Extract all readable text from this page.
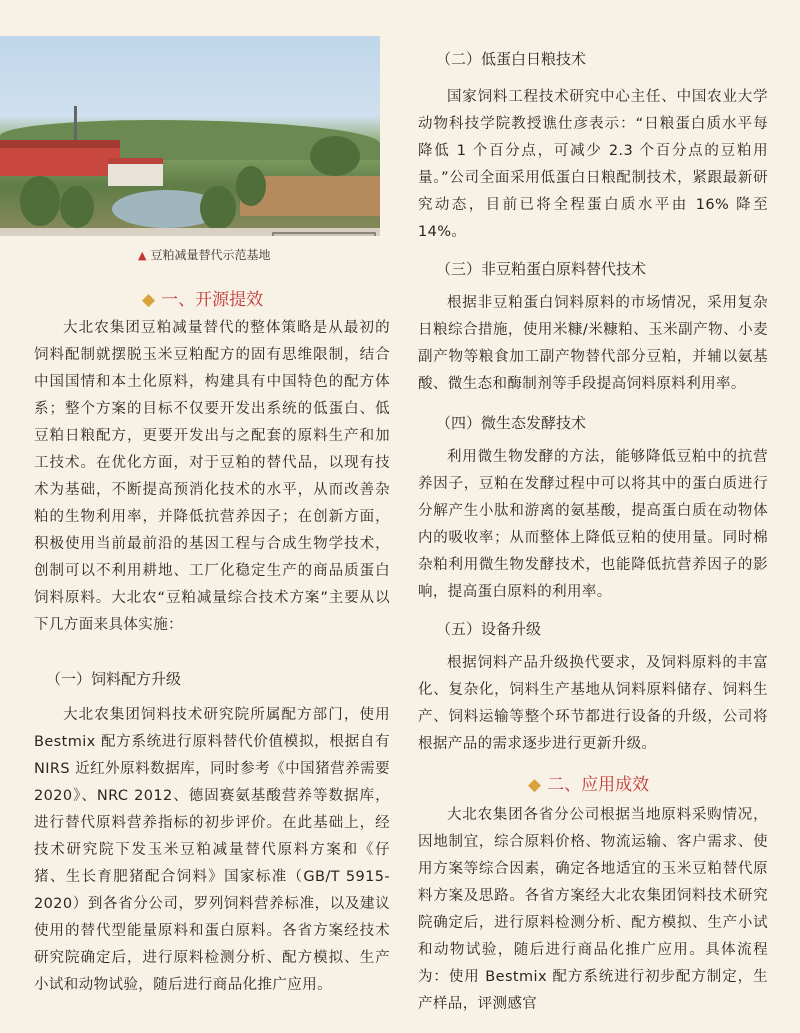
▲ 豆粕减量替代示范基地
◆ 一、开源提效

大北农集团豆粕减量替代的整体策略是从最初的饲料配制就摆脱玉米豆粕配方的固有思维限制，结合中国国情和本土化原料，构建具有中国特色的配方体系；整个方案的目标不仅要开发出系统的低蛋白、低豆粕日粮配方，更要开发出与之配套的原料生产和加工技术。在优化方面，对于豆粕的替代品，以现有技术为基础，不断提高预消化技术的水平，从而改善杂粕的生物利用率，并降低抗营养因子；在创新方面，积极使用当前最前沿的基因工程与合成生物学技术，创制可以不利用耕地、工厂化稳定生产的商品质蛋白饲料原料。大北农“豆粕减量综合技术方案”主要从以下几方面来具体实施：

（一）饲料配方升级

大北农集团饲料技术研究院所属配方部门，使用 Bestmix 配方系统进行原料替代价值模拟，根据自有 NIRS 近红外原料数据库，同时参考《中国猪营养需要 2020》、NRC 2012、德固赛氨基酸营养等数据库，进行替代原料营养指标的初步评价。在此基础上，经技术研究院下发玉米豆粕减量替代原料方案和《仔猪、生长育肥猪配合饲料》国家标准（GB/T 5915-2020）到各省分公司，罗列饲料营养标准，以及建议使用的替代型能量原料和蛋白原料。各省方案经技术研究院确定后，进行原料检测分析、配方模拟、生产小试和动物试验，随后进行商品化推广应用。

（二）低蛋白日粮技术

国家饲料工程技术研究中心主任、中国农业大学动物科技学院教授谯仕彦表示：“日粮蛋白质水平每降低 1 个百分点，可减少 2.3 个百分点的豆粕用量。”公司全面采用低蛋白日粮配制技术，紧跟最新研究动态，目前已将全程蛋白质水平由 16% 降至 14%。

（三）非豆粕蛋白原料替代技术

根据非豆粕蛋白饲料原料的市场情况，采用复杂日粮综合措施，使用米糠/米糠粕、玉米副产物、小麦副产物等粮食加工副产物替代部分豆粕，并辅以氨基酸、微生态和酶制剂等手段提高饲料原料利用率。

（四）微生态发酵技术

利用微生物发酵的方法，能够降低豆粕中的抗营养因子，豆粕在发酵过程中可以将其中的蛋白质进行分解产生小肽和游离的氨基酸，提高蛋白质在动物体内的吸收率；从而整体上降低豆粕的使用量。同时棉杂粕利用微生物发酵技术，也能降低抗营养因子的影响，提高蛋白原料的利用率。

（五）设备升级

根据饲料产品升级换代要求，及饲料原料的丰富化、复杂化，饲料生产基地从饲料原料储存、饲料生产、饲料运输等整个环节都进行设备的升级，公司将根据产品的需求逐步进行更新升级。

◆ 二、应用成效

大北农集团各省分公司根据当地原料采购情况，因地制宜，综合原料价格、物流运输、客户需求、使用方案等综合因素，确定各地适宜的玉米豆粕替代原料方案及思路。各省方案经大北农集团饲料技术研究院确定后，进行原料检测分析、配方模拟、生产小试和动物试验，随后进行商品化推广应用。具体流程为：使用 Bestmix 配方系统进行初步配方制定，生产样品，评测感官
